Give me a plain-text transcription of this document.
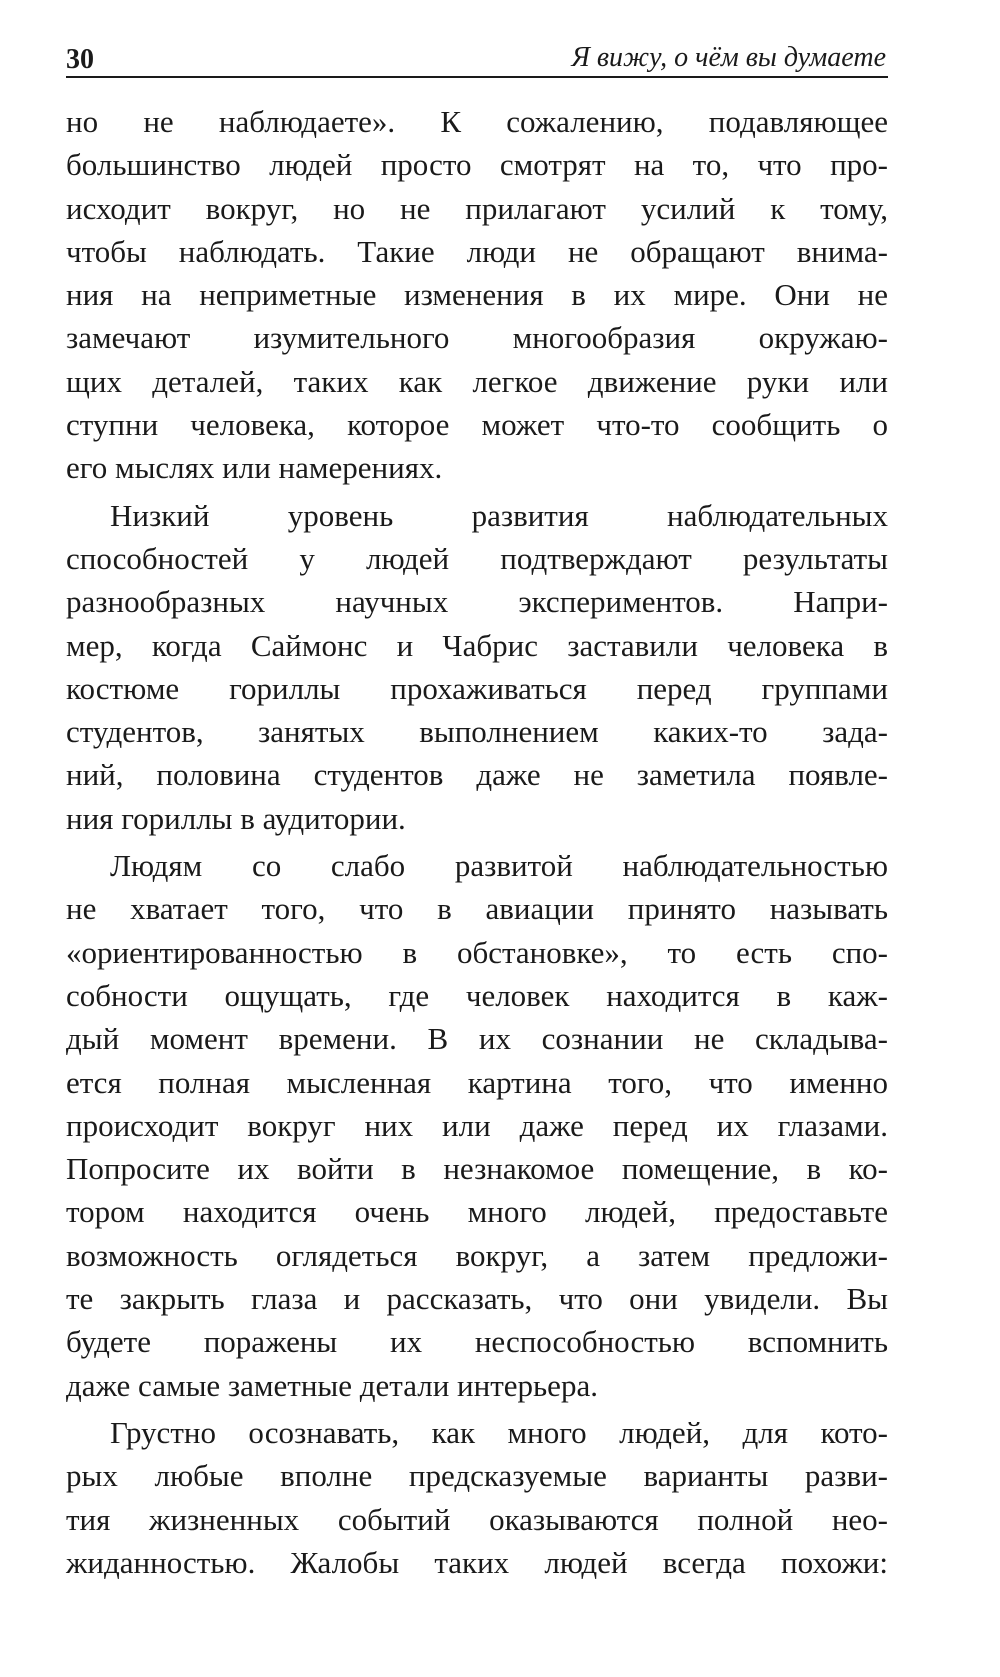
30	Я вижу, о чём вы думаете
но не наблюдаете». К сожалению, подавляющее
большинство людей просто смотрят на то, что про-
исходит вокруг, но не прилагают усилий к тому,
чтобы наблюдать. Такие люди не обращают внима-
ния на неприметные изменения в их мире. Они не
замечают изумительного многообразия окружаю-
щих деталей, таких как легкое движение руки или
ступни человека, которое может что-то сообщить о
его мыслях или намерениях.
Низкий уровень развития наблюдательных
способностей у людей подтверждают результаты
разнообразных научных экспериментов. Напри-
мер, когда Саймонс и Чабрис заставили человека в
костюме гориллы прохаживаться перед группами
студентов, занятых выполнением каких-то зада-
ний, половина студентов даже не заметила появле-
ния гориллы в аудитории.
Людям со слабо развитой наблюдательностью
не хватает того, что в авиации принято называть
«ориентированностью в обстановке», то есть спо-
собности ощущать, где человек находится в каж-
дый момент времени. В их сознании не складыва-
ется полная мысленная картина того, что именно
происходит вокруг них или даже перед их глазами.
Попросите их войти в незнакомое помещение, в ко-
тором находится очень много людей, предоставьте
возможность оглядеться вокруг, а затем предложи-
те закрыть глаза и рассказать, что они увидели. Вы
будете поражены их неспособностью вспомнить
даже самые заметные детали интерьера.
Грустно осознавать, как много людей, для кото-
рых любые вполне предсказуемые варианты разви-
тия жизненных событий оказываются полной нео-
жиданностью. Жалобы таких людей всегда похожи:
